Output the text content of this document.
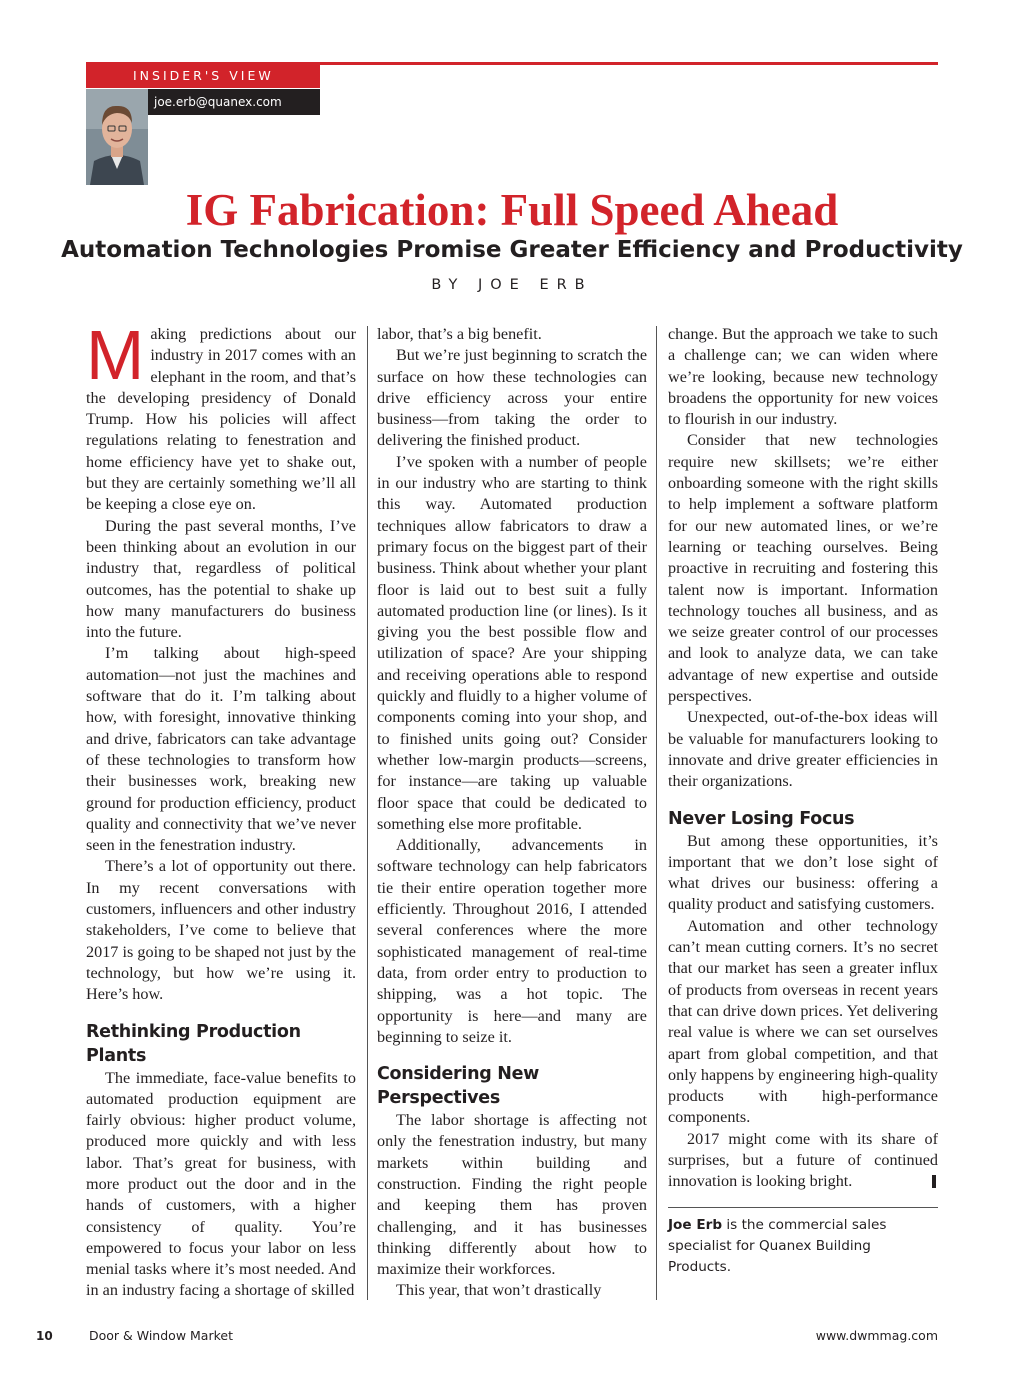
INSIDER'S VIEW
joe.erb@quanex.com
IG Fabrication: Full Speed Ahead
Automation Technologies Promise Greater Efficiency and Productivity
BY JOE ERB

Making predictions about our industry in 2017 comes with an elephant in the room, and that’s the developing presidency of Donald Trump. How his policies will affect regulations relating to fenestration and home efficiency have yet to shake out, but they are certainly something we’ll all be keeping a close eye on.

During the past several months, I’ve been thinking about an evolution in our industry that, regardless of political outcomes, has the potential to shake up how many manufacturers do business into the future.

I’m talking about high-speed automation—not just the machines and software that do it. I’m talking about how, with foresight, innovative thinking and drive, fabricators can take advantage of these technologies to transform how their businesses work, breaking new ground for production efficiency, product quality and connectivity that we’ve never seen in the fenestration industry.

There’s a lot of opportunity out there. In my recent conversations with customers, influencers and other industry stakeholders, I’ve come to believe that 2017 is going to be shaped not just by the technology, but how we’re using it. Here’s how.

Rethinking Production Plants

The immediate, face-value benefits to automated production equipment are fairly obvious: higher product volume, produced more quickly and with less labor. That’s great for business, with more product out the door and in the hands of customers, with a higher consistency of quality. You’re empowered to focus your labor on less menial tasks where it’s most needed. And in an industry facing a shortage of skilled

labor, that’s a big benefit.

But we’re just beginning to scratch the surface on how these technologies can drive efficiency across your entire business—from taking the order to delivering the finished product.

I’ve spoken with a number of people in our industry who are starting to think this way. Automated production techniques allow fabricators to draw a primary focus on the biggest part of their business. Think about whether your plant floor is laid out to best suit a fully automated production line (or lines). Is it giving you the best possible flow and utilization of space? Are your shipping and receiving operations able to respond quickly and fluidly to a higher volume of components coming into your shop, and to finished units going out? Consider whether low-margin products—screens, for instance—are taking up valuable floor space that could be dedicated to something else more profitable.

Additionally, advancements in software technology can help fabricators tie their entire operation together more efficiently. Throughout 2016, I attended several conferences where the more sophisticated management of real-time data, from order entry to production to shipping, was a hot topic. The opportunity is here—and many are beginning to seize it.

Considering New Perspectives

The labor shortage is affecting not only the fenestration industry, but many markets within building and construction. Finding the right people and keeping them has proven challenging, and it has businesses thinking differently about how to maximize their workforces.

This year, that won’t drastically

change. But the approach we take to such a challenge can; we can widen where we’re looking, because new technology broadens the opportunity for new voices to flourish in our industry.

Consider that new technologies require new skillsets; we’re either onboarding someone with the right skills to help implement a software platform for our new automated lines, or we’re learning or teaching ourselves. Being proactive in recruiting and fostering this talent now is important. Information technology touches all business, and as we seize greater control of our processes and look to analyze data, we can take advantage of new expertise and outside perspectives.

Unexpected, out-of-the-box ideas will be valuable for manufacturers looking to innovate and drive greater efficiencies in their organizations.

Never Losing Focus

But among these opportunities, it’s important that we don’t lose sight of what drives our business: offering a quality product and satisfying customers.

Automation and other technology can’t mean cutting corners. It’s no secret that our market has seen a greater influx of products from overseas in recent years that can drive down prices. Yet delivering real value is where we can set ourselves apart from global competition, and that only happens by engineering high-quality products with high-performance components.

2017 might come with its share of surprises, but a future of continued innovation is looking bright.

Joe Erb is the commercial sales specialist for Quanex Building Products.
10	Door & Window Market	www.dwmmag.com
